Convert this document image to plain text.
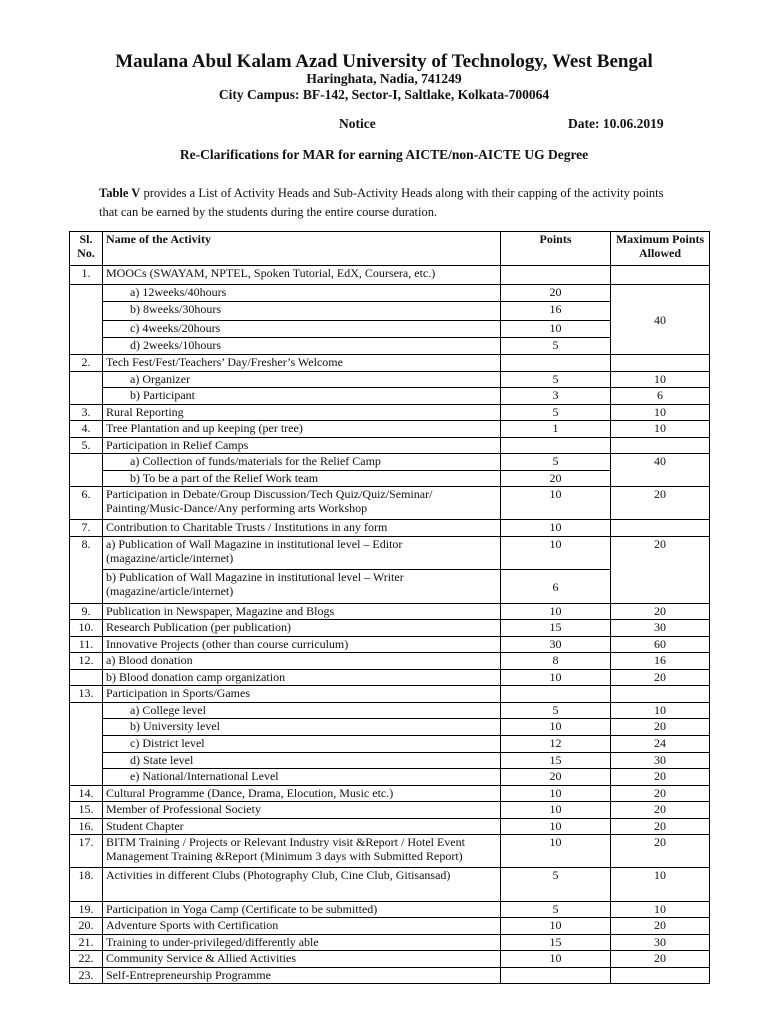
Maulana Abul Kalam Azad University of Technology, West Bengal
Haringhata, Nadia, 741249
City Campus: BF-142, Sector-I, Saltlake, Kolkata-700064
Notice	Date: 10.06.2019
Re-Clarifications for MAR for earning AICTE/non-AICTE UG Degree
Table V provides a List of Activity Heads and Sub-Activity Heads along with their capping of the activity points that can be earned by the students during the entire course duration.
Sl. No.	Name of the Activity	Points	Maximum Points Allowed
1.	MOOCs (SWAYAM, NPTEL, Spoken Tutorial, EdX, Coursera, etc.)		
	a) 12weeks/40hours	20	40
	b) 8weeks/30hours	16	
	c) 4weeks/20hours	10	
	d) 2weeks/10hours	5	
2.	Tech Fest/Fest/Teachers’ Day/Fresher’s Welcome		
	a) Organizer	5	10
	b) Participant	3	6
3.	Rural Reporting	5	10
4.	Tree Plantation and up keeping (per tree)	1	10
5.	Participation in Relief Camps		
	a) Collection of funds/materials for the Relief Camp	5	40
	b) To be a part of the Relief Work team	20	
6.	Participation in Debate/Group Discussion/Tech Quiz/Quiz/Seminar/ Painting/Music-Dance/Any performing arts Workshop	10	20
7.	Contribution to Charitable Trusts / Institutions in any form	10	
8.	a) Publication of Wall Magazine in institutional level – Editor (magazine/article/internet)	10	20
	b) Publication of Wall Magazine in institutional level – Writer (magazine/article/internet)	6	
9.	Publication in Newspaper, Magazine and Blogs	10	20
10.	Research Publication (per publication)	15	30
11.	Innovative Projects (other than course curriculum)	30	60
12.	a) Blood donation	8	16
	b) Blood donation camp organization	10	20
13.	Participation in Sports/Games		
	a) College level	5	10
	b) University level	10	20
	c) District level	12	24
	d) State level	15	30
	e) National/International Level	20	20
14.	Cultural Programme (Dance, Drama, Elocution, Music etc.)	10	20
15.	Member of Professional Society	10	20
16.	Student Chapter	10	20
17.	BITM Training / Projects or Relevant Industry visit &Report / Hotel Event Management Training &Report (Minimum 3 days with Submitted Report)	10	20
18.	Activities in different Clubs (Photography Club, Cine Club, Gitisansad)	5	10
19.	Participation in Yoga Camp (Certificate to be submitted)	5	10
20.	Adventure Sports with Certification	10	20
21.	Training to under-privileged/differently able	15	30
22.	Community Service & Allied Activities	10	20
23.	Self-Entrepreneurship Programme		
